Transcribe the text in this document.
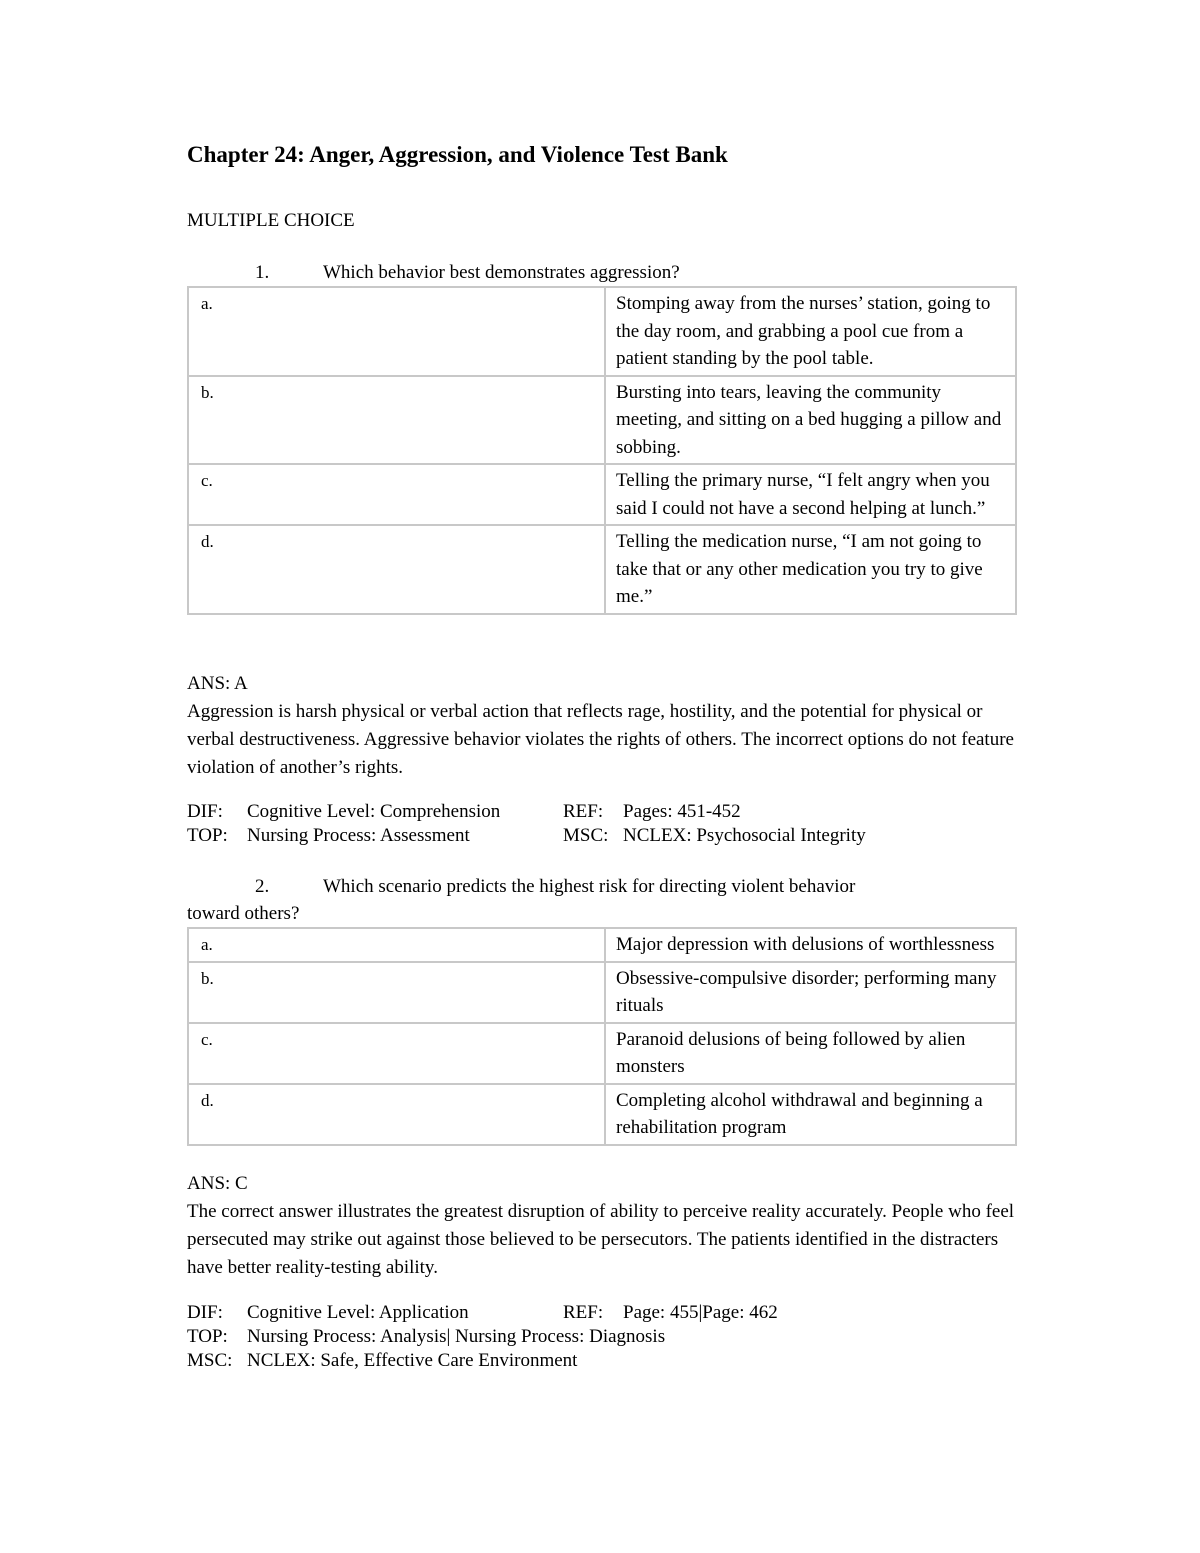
Chapter 24: Anger, Aggression, and Violence Test Bank
MULTIPLE CHOICE
1.	Which behavior best demonstrates aggression?
a.	Stomping away from the nurses’ station, going to the day room, and grabbing a pool cue from a patient standing by the pool table.
b.	Bursting into tears, leaving the community meeting, and sitting on a bed hugging a pillow and sobbing.
c.	Telling the primary nurse, “I felt angry when you said I could not have a second helping at lunch.”
d.	Telling the medication nurse, “I am not going to take that or any other medication you try to give me.”
ANS: A
Aggression is harsh physical or verbal action that reflects rage, hostility, and the potential for physical or verbal destructiveness. Aggressive behavior violates the rights of others. The incorrect options do not feature violation of another’s rights.
DIF: Cognitive Level: Comprehension	REF: Pages: 451-452
TOP: Nursing Process: Assessment	MSC: NCLEX: Psychosocial Integrity
2.	Which scenario predicts the highest risk for directing violent behavior
toward others?
a.	Major depression with delusions of worthlessness
b.	Obsessive-compulsive disorder; performing many rituals
c.	Paranoid delusions of being followed by alien monsters
d.	Completing alcohol withdrawal and beginning a rehabilitation program
ANS: C
The correct answer illustrates the greatest disruption of ability to perceive reality accurately. People who feel persecuted may strike out against those believed to be persecutors. The patients identified in the distracters have better reality-testing ability.
DIF: Cognitive Level: Application	REF: Page: 455|Page: 462
TOP: Nursing Process: Analysis| Nursing Process: Diagnosis
MSC: NCLEX: Safe, Effective Care Environment
